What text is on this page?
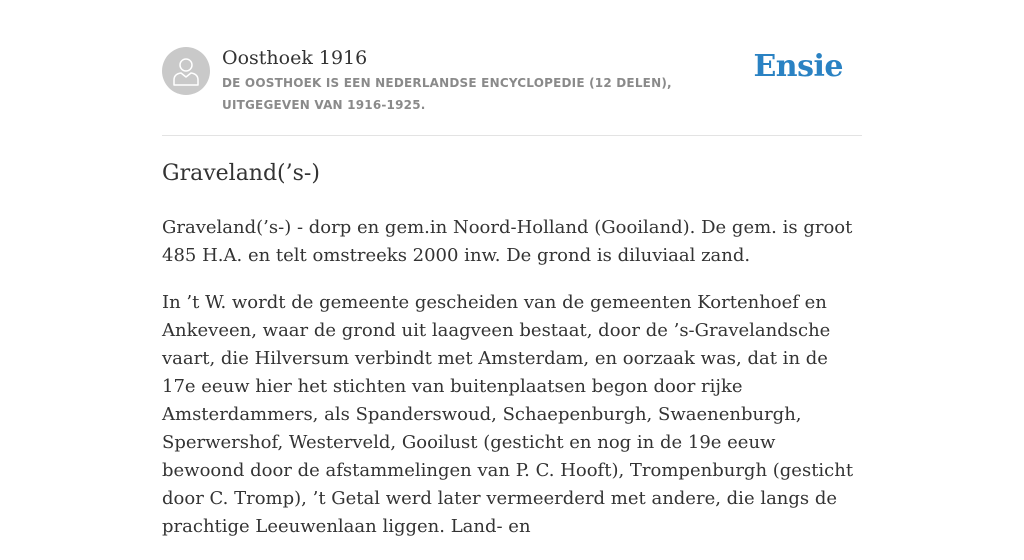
Oosthoek 1916

DE OOSTHOEK IS EEN NEDERLANDSE ENCYCLOPEDIE (12 DELEN), UITGEGEVEN VAN 1916-1925.

Ensie
Graveland(’s-)

Graveland(’s-) - dorp en gem.in Noord-Holland (Gooiland). De gem. is groot 485 H.A. en telt omstreeks 2000 inw. De grond is diluviaal zand.

In ’t W. wordt de gemeente gescheiden van de gemeenten Kortenhoef en Ankeveen, waar de grond uit laagveen bestaat, door de ’s-Gravelandsche vaart, die Hilversum verbindt met Amsterdam, en oorzaak was, dat in de 17e eeuw hier het stichten van buitenplaatsen begon door rijke Amsterdammers, als Spanderswoud, Schaepenburgh, Swaenenburgh, Sperwershof, Westerveld, Gooilust (gesticht en nog in de 19e eeuw bewoond door de afstammelingen van P. C. Hooft), Trompenburgh (gesticht door C. Tromp), ’t Getal werd later vermeerderd met andere, die langs de prachtige Leeuwenlaan liggen. Land- en
